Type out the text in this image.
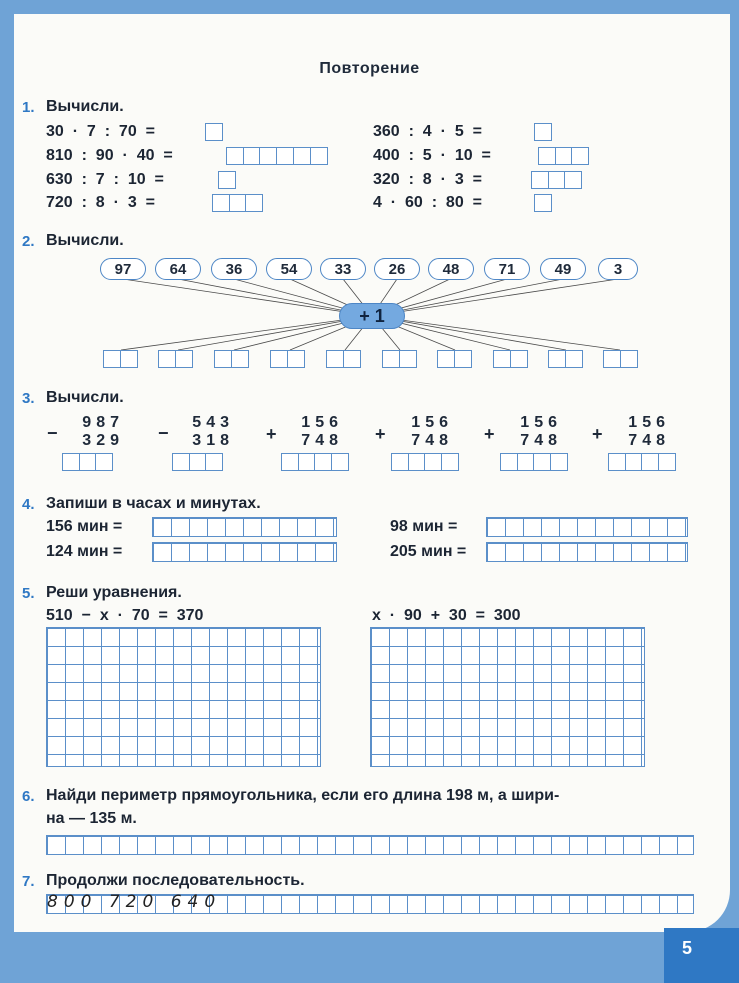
5
Повторение
1. Вычисли.
30  ·  7  :  70  =
810  :  90  ·  40  =
630  :  7  :  10  =
720  :  8  ·  3  =
360  :  4  ·  5  =
400  :  5  ·  10  =
320  :  8  ·  3  =
4  ·  60  :  80  =
2. Вычисли.
97	64	36	54	33	26	48	71	49	3
+ 1
3. Вычисли.
−
987
329 −
543
318 +
156
748 +
156
748 +
156
748 +
156
748
4. Запиши в часах и минутах.
156 мин =
124 мин =
98 мин =
205 мин =
5. Реши уравнения.
510  −  x  ·  70  =  370	x  ·  90  +  30  =  300
6. Найди периметр прямоугольника, если его длина 198 м, а шири-
на — 135 м.
7. Продолжи последовательность.
800 720 640
